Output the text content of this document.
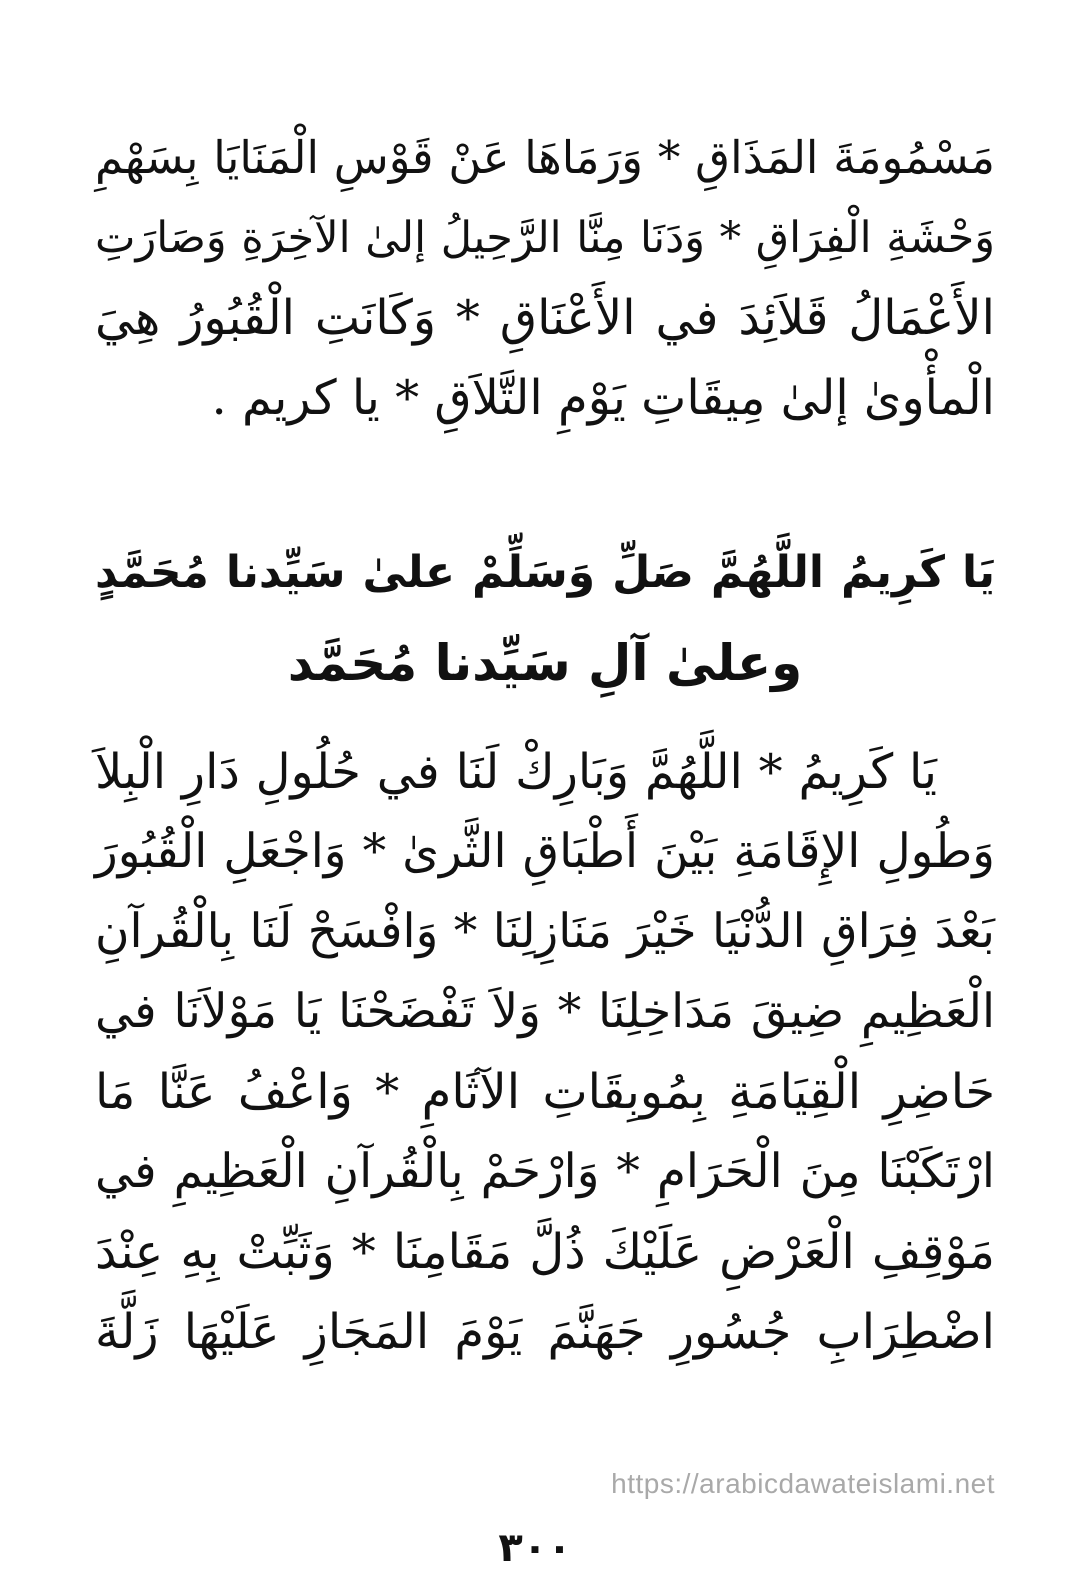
مَسْمُومَةَ المَذَاقِ * وَرَمَاهَا عَنْ قَوْسِ الْمَنَايَا بِسَهْمِ
وَحْشَةِ الْفِرَاقِ * وَدَنَا مِنَّا الرَّحِيلُ إلىٰ الآخِرَةِ وَصَارَتِ
الأَعْمَالُ قَلاَئِدَ في الأَعْنَاقِ * وَكَانَتِ الْقُبُورُ هِيَ
الْمأْوىٰ إلىٰ مِيقَاتِ يَوْمِ التَّلاَقِ * يا كريم .
يَا كَرِيمُ اللَّهُمَّ صَلِّ وَسَلِّمْ علىٰ سَيِّدنا مُحَمَّدٍ
وعلىٰ آلِ سَيِّدنا مُحَمَّد
يَا كَرِيمُ * اللَّهُمَّ وَبَارِكْ لَنَا في حُلُولِ دَارِ الْبِلاَ
وَطُولِ الإِقَامَةِ بَيْنَ أَطْبَاقِ الثَّرىٰ * وَاجْعَلِ الْقُبُورَ
بَعْدَ فِرَاقِ الدُّنْيَا خَيْرَ مَنَازِلِنَا * وَافْسَحْ لَنَا بِالْقُرآنِ
الْعَظِيمِ ضِيقَ مَدَاخِلِنَا * وَلاَ تَفْضَحْنَا يَا مَوْلاَنَا في
حَاضِرِ الْقِيَامَةِ بِمُوبِقَاتِ الآثَامِ * وَاعْفُ عَنَّا مَا
ارْتَكَبْنَا مِنَ الْحَرَامِ * وَارْحَمْ بِالْقُرآنِ الْعَظِيمِ في
مَوْقِفِ الْعَرْضِ عَلَيْكَ ذُلَّ مَقَامِنَا * وَثَبِّتْ بِهِ عِنْدَ
اضْطِرَابِ جُسُورِ جَهَنَّمَ يَوْمَ المَجَازِ عَلَيْهَا زَلَّةَ
https://arabicdawateislami.net
٣٠٠
